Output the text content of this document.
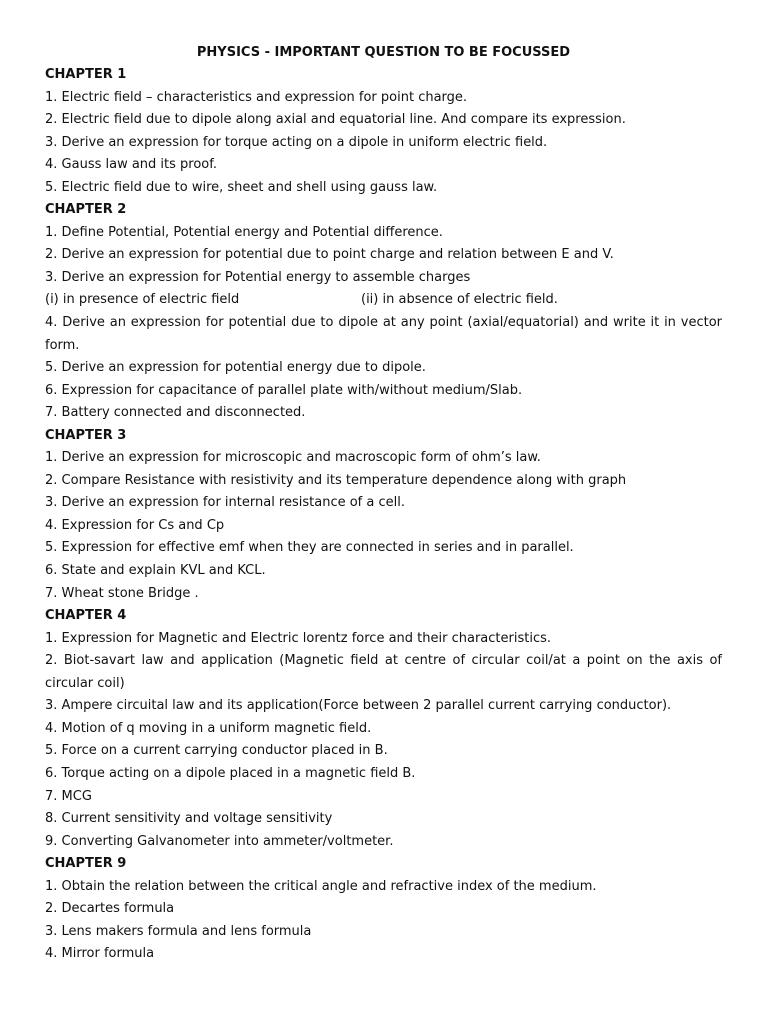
PHYSICS - IMPORTANT QUESTION TO BE FOCUSSED
CHAPTER 1
1. Electric field – characteristics and expression for point charge.
2. Electric field due to dipole along axial and equatorial line. And compare its expression.
3. Derive an expression for torque acting on a dipole in uniform electric field.
4. Gauss law and its proof.
5. Electric field due to wire, sheet and shell using gauss law.
CHAPTER 2
1. Define Potential, Potential energy and Potential difference.
2. Derive an expression for potential due to point charge and relation between E and V.
3. Derive an expression for Potential energy to assemble charges
(i) in presence of electric field	(ii) in absence of electric field.
4. Derive an expression for potential due to dipole at any point (axial/equatorial) and write it in vector form.
5. Derive an expression for potential energy due to dipole.
6. Expression for capacitance of parallel plate with/without medium/Slab.
7. Battery connected and disconnected.
CHAPTER 3
1. Derive an expression for microscopic and macroscopic form of ohm’s law.
2. Compare Resistance with resistivity and its temperature dependence along with graph
3. Derive an expression for internal resistance of a cell.
4. Expression for Cs and Cp
5. Expression for effective emf when they are connected in series and in parallel.
6. State and explain KVL and KCL.
7. Wheat stone Bridge .
CHAPTER 4
1. Expression for Magnetic and Electric lorentz force and their characteristics.
2. Biot-savart law and application (Magnetic field at centre of circular coil/at a point on the axis of circular coil)
3. Ampere circuital law and its application(Force between 2 parallel current carrying conductor).
4. Motion of q moving in a uniform magnetic field.
5. Force on a current carrying conductor placed in B.
6. Torque acting on a dipole placed in a magnetic field B.
7. MCG
8. Current sensitivity and voltage sensitivity
9. Converting Galvanometer into ammeter/voltmeter.
CHAPTER 9
1. Obtain the relation between the critical angle and refractive index of the medium.
2. Decartes formula
3. Lens makers formula and lens formula
4. Mirror formula
